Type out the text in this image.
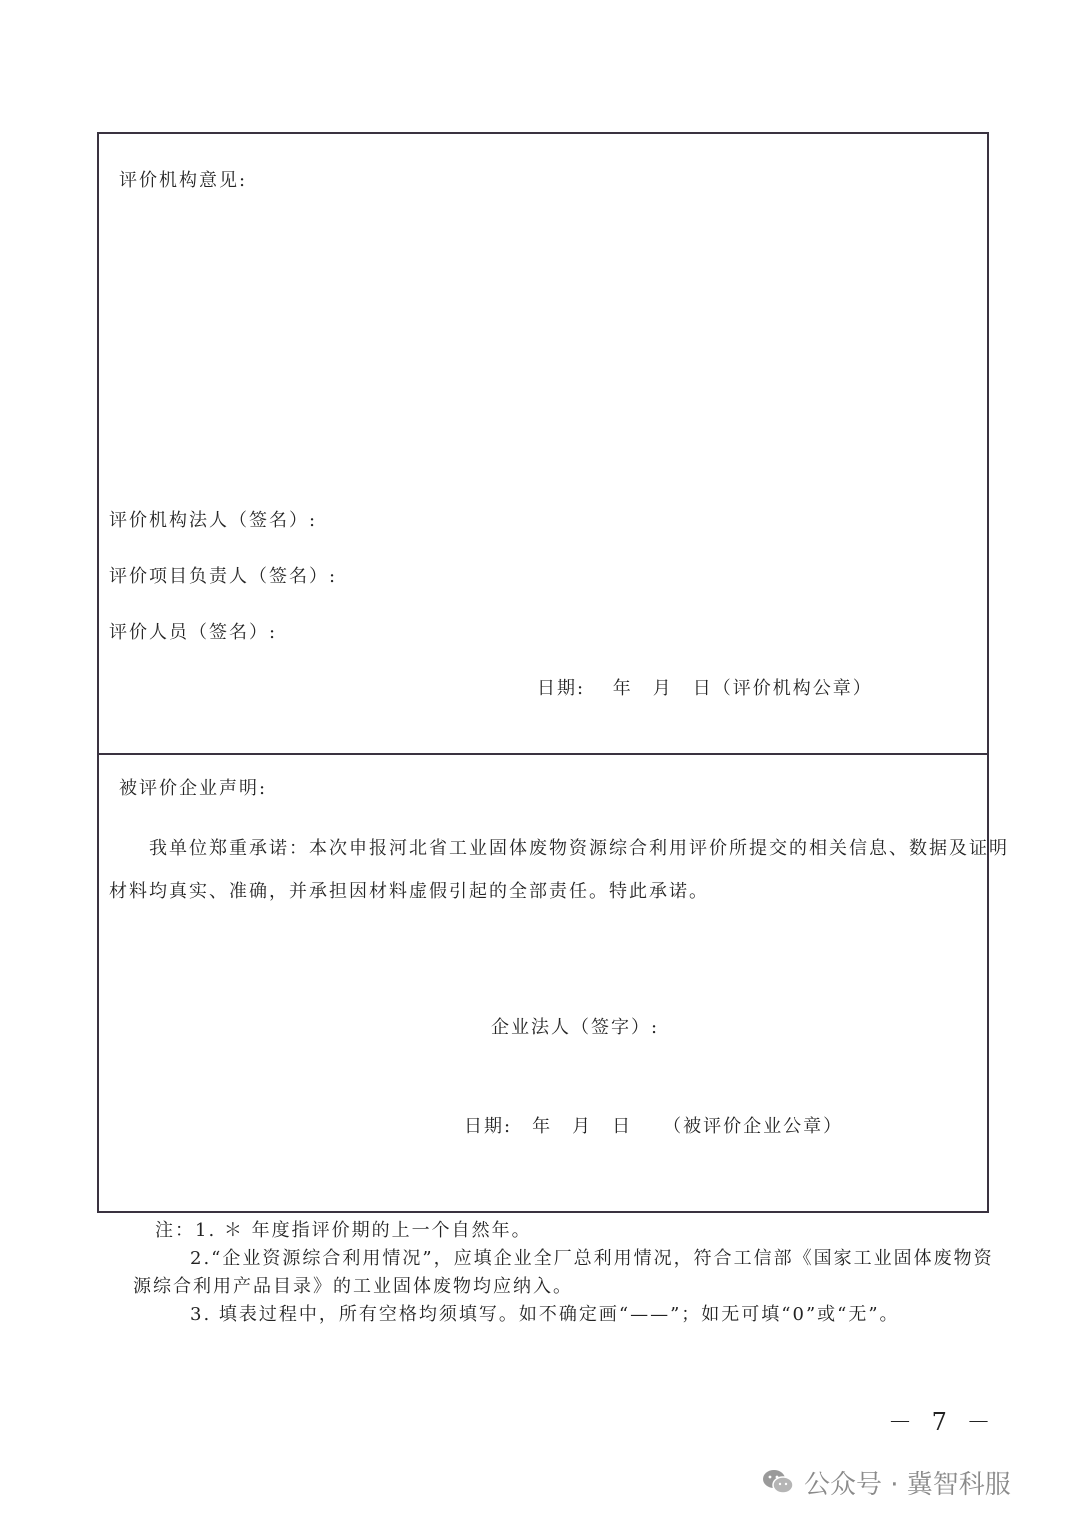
评价机构意见:
评价机构法人（签名）:
评价项目负责人（签名）:
评价人员（签名）:
日期:　 年　月　日（评价机构公章）
被评价企业声明:
我单位郑重承诺：本次申报河北省工业固体废物资源综合利用评价所提交的相关信息、数据及证明
材料均真实、准确，并承担因材料虚假引起的全部责任。特此承诺。
企业法人（签字）:
日期:　年　月　日　　（被评价企业公章）
注：1. ＊ 年度指评价期的上一个自然年。
2.“企业资源综合利用情况”，应填企业全厂总利用情况，符合工信部《国家工业固体废物资
源综合利用产品目录》的工业固体废物均应纳入。
3. 填表过程中，所有空格均须填写。如不确定画“——”；如无可填“0”或“无”。
－ 7 －
公众号 · 冀智科服
